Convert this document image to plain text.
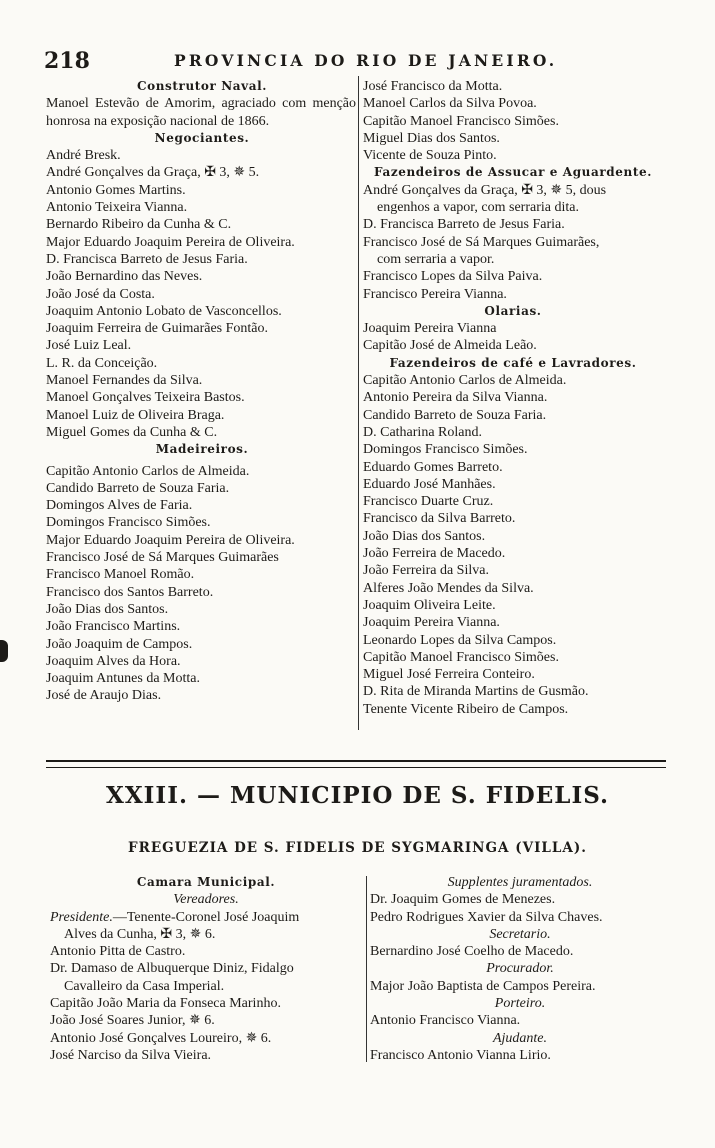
218	PROVINCIA DO RIO DE JANEIRO.
Construtor Naval.
Manoel Estevão de Amorim, agraciado com menção honrosa na exposição nacional de 1866.
Negociantes.
André Bresk.
André Gonçalves da Graça, ✠ 3, ✵ 5.
Antonio Gomes Martins.
Antonio Teixeira Vianna.
Bernardo Ribeiro da Cunha & C.
Major Eduardo Joaquim Pereira de Oliveira.
D. Francisca Barreto de Jesus Faria.
João Bernardino das Neves.
João José da Costa.
Joaquim Antonio Lobato de Vasconcellos.
Joaquim Ferreira de Guimarães Fontão.
José Luiz Leal.
L. R. da Conceição.
Manoel Fernandes da Silva.
Manoel Gonçalves Teixeira Bastos.
Manoel Luiz de Oliveira Braga.
Miguel Gomes da Cunha & C.
Madeireiros.
Capitão Antonio Carlos de Almeida.
Candido Barreto de Souza Faria.
Domingos Alves de Faria.
Domingos Francisco Simões.
Major Eduardo Joaquim Pereira de Oliveira.
Francisco José de Sá Marques Guimarães
Francisco Manoel Romão.
Francisco dos Santos Barreto.
João Dias dos Santos.
João Francisco Martins.
João Joaquim de Campos.
Joaquim Alves da Hora.
Joaquim Antunes da Motta.
José de Araujo Dias.
José Francisco da Motta.
Manoel Carlos da Silva Povoa.
Capitão Manoel Francisco Simões.
Miguel Dias dos Santos.
Vicente de Souza Pinto.
Fazendeiros de Assucar e Aguardente.
André Gonçalves da Graça, ✠ 3, ✵ 5, dous
engenhos a vapor, com serraria dita.
D. Francisca Barreto de Jesus Faria.
Francisco José de Sá Marques Guimarães,
com serraria a vapor.
Francisco Lopes da Silva Paiva.
Francisco Pereira Vianna.
Olarias.
Joaquim Pereira Vianna
Capitão José de Almeida Leão.
Fazendeiros de café e Lavradores.
Capitão Antonio Carlos de Almeida.
Antonio Pereira da Silva Vianna.
Candido Barreto de Souza Faria.
D. Catharina Roland.
Domingos Francisco Simões.
Eduardo Gomes Barreto.
Eduardo José Manhães.
Francisco Duarte Cruz.
Francisco da Silva Barreto.
João Dias dos Santos.
João Ferreira de Macedo.
João Ferreira da Silva.
Alferes João Mendes da Silva.
Joaquim Oliveira Leite.
Joaquim Pereira Vianna.
Leonardo Lopes da Silva Campos.
Capitão Manoel Francisco Simões.
Miguel José Ferreira Conteiro.
D. Rita de Miranda Martins de Gusmão.
Tenente Vicente Ribeiro de Campos.
XXIII. — MUNICIPIO DE S. FIDELIS.
FREGUEZIA DE S. FIDELIS DE SYGMARINGA (VILLA).
Camara Municipal.
Vereadores.
Presidente.—Tenente-Coronel José Joaquim
Alves da Cunha, ✠ 3, ✵ 6.
Antonio Pitta de Castro.
Dr. Damaso de Albuquerque Diniz, Fidalgo
Cavalleiro da Casa Imperial.
Capitão João Maria da Fonseca Marinho.
João José Soares Junior, ✵ 6.
Antonio José Gonçalves Loureiro, ✵ 6.
José Narciso da Silva Vieira.
Supplentes juramentados.
Dr. Joaquim Gomes de Menezes.
Pedro Rodrigues Xavier da Silva Chaves.
Secretario.
Bernardino José Coelho de Macedo.
Procurador.
Major João Baptista de Campos Pereira.
Porteiro.
Antonio Francisco Vianna.
Ajudante.
Francisco Antonio Vianna Lirio.
